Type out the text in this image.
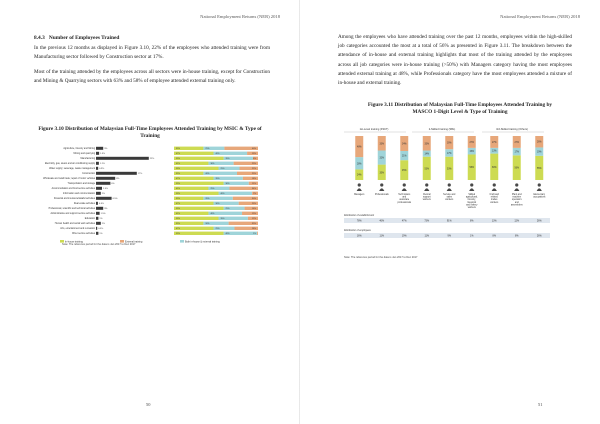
National Employment Returns (NER) 2018
8.4.3 Number of Employees Trained
In the previous 12 months as displayed in Figure 3.10, 22% of the employees who attended training were from Manufacturing sector followed by Construction sector at 17%.
Most of the training attended by the employees across all sectors were in-house training, except for Construction and Mining & Quarrying sectors with 63% and 58% of employee attended external training only.
Figure 3.10 Distribution of Malaysian Full-Time Employees Attended Training by MSIC & Type of Training
Agriculture, forestry and fishing	3%	35%	25%	40%
Mining and quarrying	1.3%	47%	40%	13%
Manufacturing	22%	59%	35%	6%
Electricity, gas, steam and air conditioning supply	1.2%	41%	30%	29%
Water supply; sewerage, waste management 0.9%	53%	25%	22%
Construction	17%	35%	40%	25%
Wholesale and retail trade; repair of motor vehicles	8%	47%	35%	18%
Transportation and storage	6%	59%	30%	11%
Accommodation and food service activities	2.5%	41%	25%	34%
Information and communication	2%	53%	40%	7%
Financial and insurance/takaful activities	6.5%	35%	35%	30%
Real estate activities	0.8%	47%	30%	23%
Professional, scientific and technical activities	3%	59%	25%	16%
Administrative and support service activities	1.5%	41%	40%	19%
Education	1%	53%	35%	12%
Human health and social work activities	2%	35%	30%	35%
Arts, entertainment and recreation	0.5%	47%	25%	28%
Other service activities	1%	59%	40%	1%
In-house training	External training	Both in-house & external training
Note: The reference period for the data is Jan 2017 to Dec 2017
50
National Employment Returns (NER) 2018
Among the employees who have attended training over the past 12 months, employees within the high-skilled job categories accounted the most at a total of 56% as presented in Figure 3.11. The breakdown between the attendance of in-house and external training highlights that most of the training attended by the employees across all job categories were in-house training (>50%) with Managers category having the most employees attended external training at 48%, while Professionals category have the most employees attended a mixture of in-house and external training.
Figure 3.11 Distribution of Malaysian Full-Time Employees Attended Training by MASCO 1-Digit Level & Type of Training
1st-Level training (FSKT)	2-Skilled training (SBL)	3rd-Skilled training (Others)
24%
28%
48%
Managers
35%
32%
33%
Professionals
45%
21%
34%
Technicians and associate professionals
53%
14%
33%
Clerical support workers
53%
17%
30%
Service and sales workers
58%
15%
27%
Skilled agricultural, forestry, livestock and fishery workers
60%
13%
27%
Craft and related trades workers
56%
17%
27%
Plant and machine operators and assemblers
55%
19%
26%
Elementary occupations
Distribution of establishment
78%	46%	47%	73%	91%	8%	13%	12%	26%
Distribution of employees
16%	11%	19%	11%	9%	1%	8%	8%	26%
Note: The reference period for the data is Jan 2017 to Dec 2017
51
